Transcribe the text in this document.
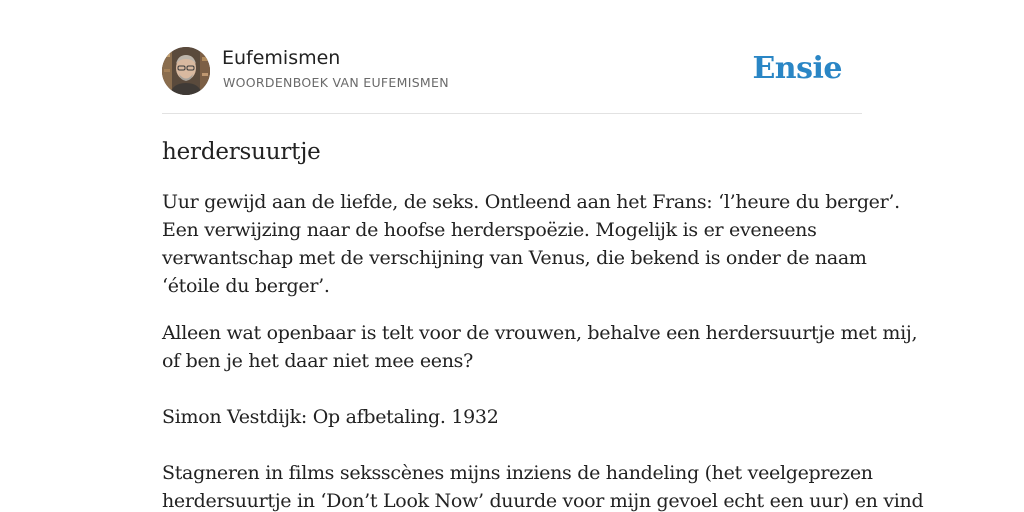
Eufemismen
WOORDENBOEK VAN EUFEMISMEN	Ensie
herdersuurtje

Uur gewijd aan de liefde, de seks. Ontleend aan het Frans: ‘l’heure du berger’.
Een verwijzing naar de hoofse herderspoëzie. Mogelijk is er eveneens
verwantschap met de verschijning van Venus, die bekend is onder de naam
‘étoile du berger’.

Alleen wat openbaar is telt voor de vrouwen, behalve een herdersuurtje met mij,
of ben je het daar niet mee eens?
Simon Vestdijk: Op afbetaling. 1932
Stagneren in films seksscènes mijns inziens de handeling (het veelgeprezen
herdersuurtje in ‘Don’t Look Now’ duurde voor mijn gevoel echt een uur) en vind
